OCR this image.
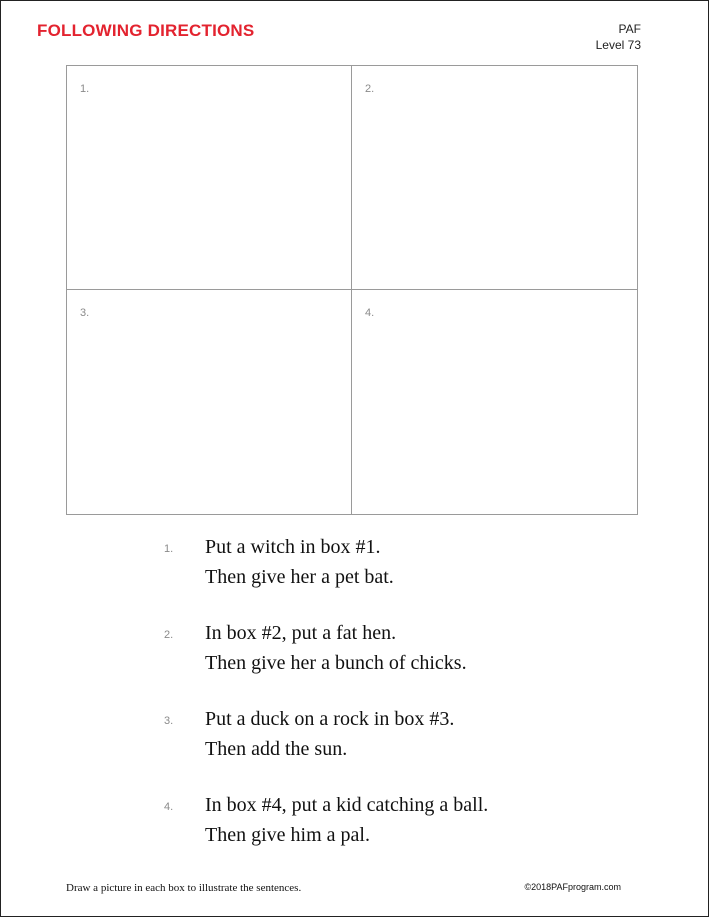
FOLLOWING DIRECTIONS	PAF
Level 73
1.	2.
3.	4.
1. Put a witch in box #1.
Then give her a pet bat.
2. In box #2, put a fat hen.
Then give her a bunch of chicks.
3. Put a duck on a rock in box #3.
Then add the sun.
4. In box #4, put a kid catching a ball.
Then give him a pal.
Draw a picture in each box to illustrate the sentences.	©2018PAFprogram.com
